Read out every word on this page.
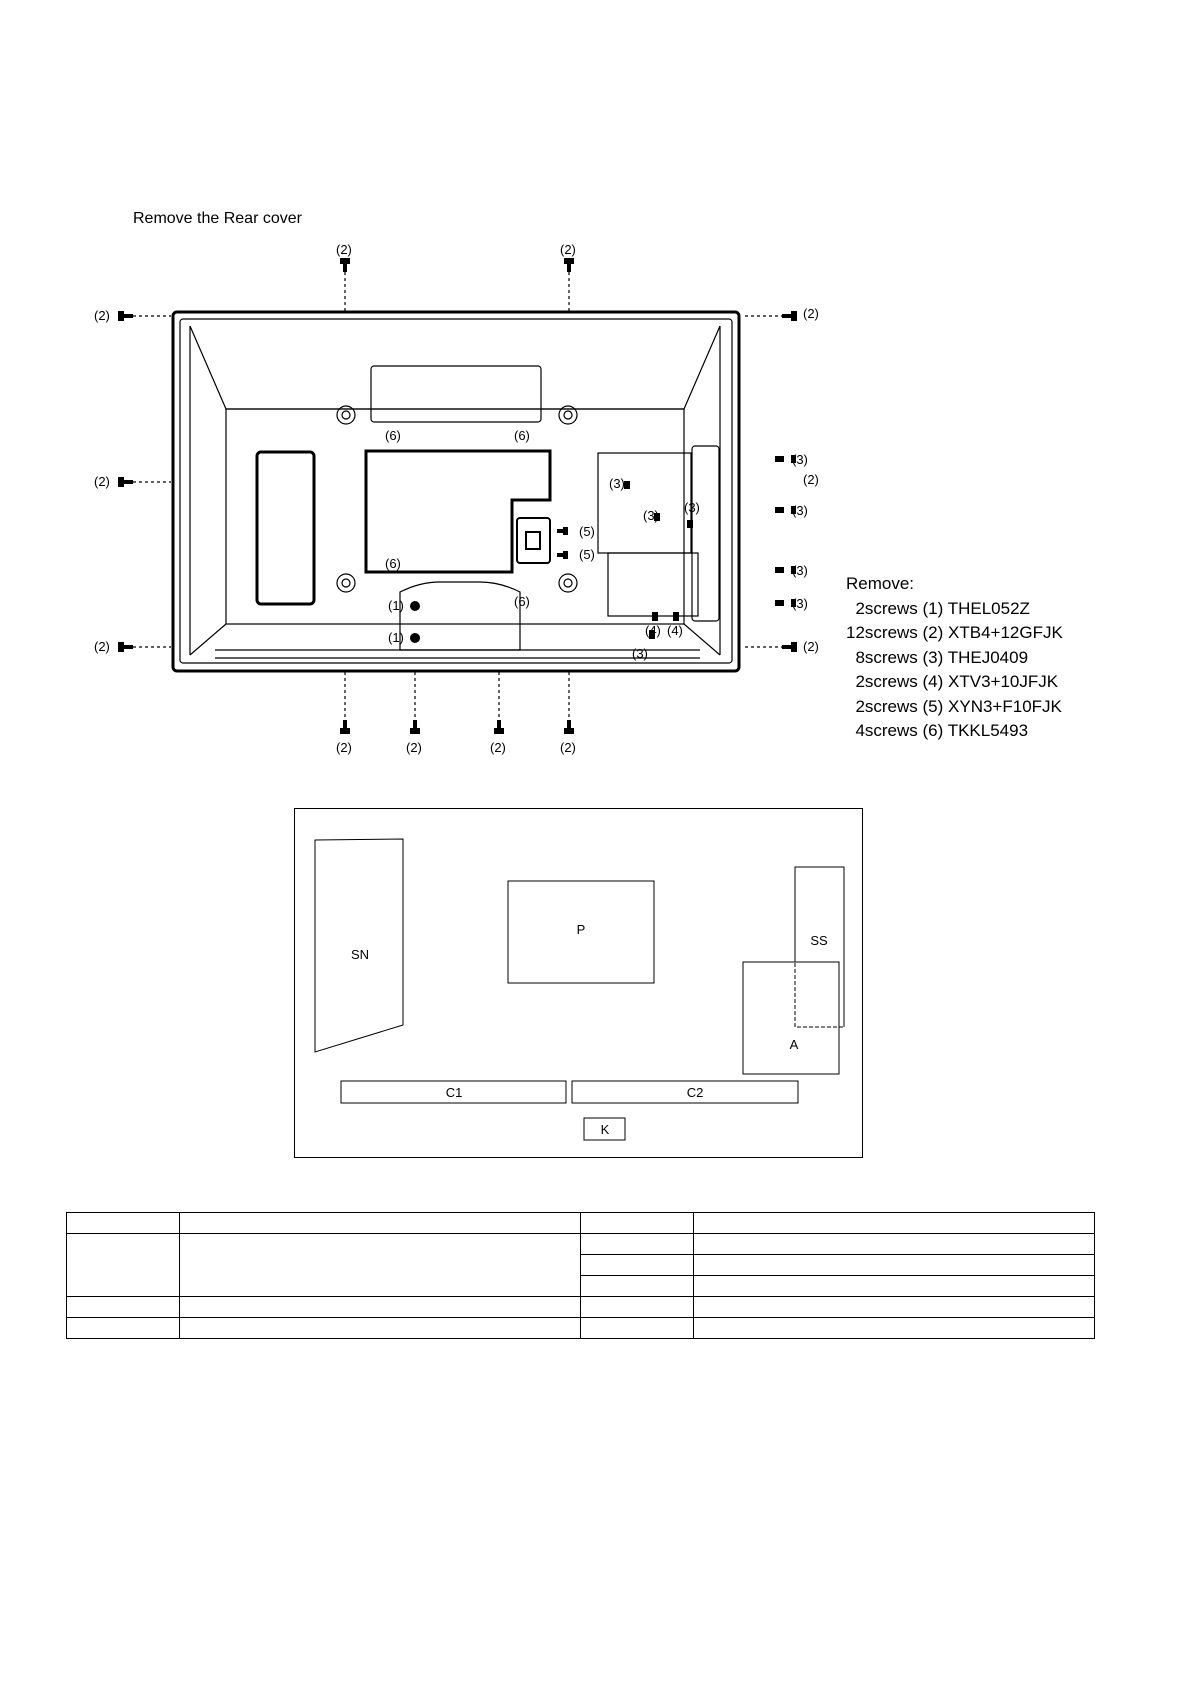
Remove the Rear cover
(2)	(2)
(2)	(2)
(2)	(2)
(2)	(2)
(2)	(2)	(2)	(2)
(3)
(3)
(3)
(3)
(3)
(3)
(3)
(3)
(4) (4)
(5)
(5)
(6)	(6)
(6)
(6)
(1)
(1)
Remove:
2screws (1) THEL052Z
12screws (2) XTB4+12GFJK
8screws (3) THEJ0409
2screws (4) XTV3+10JFJK
2screws (5) XYN3+F10FJK
4screws (6) TKKL5493
SN
P
SS
A
C1	C2
K
